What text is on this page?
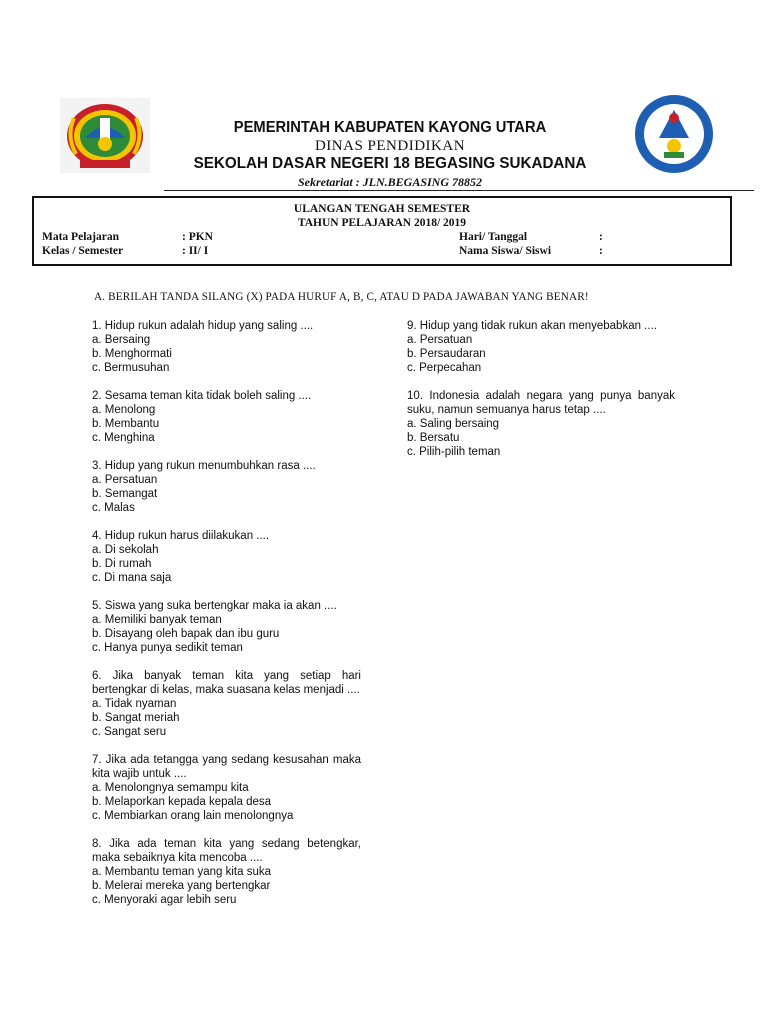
PEMERINTAH KABUPATEN KAYONG UTARA
DINAS PENDIDIKAN
SEKOLAH DASAR NEGERI 18 BEGASING SUKADANA
Sekretariat : JLN.BEGASING 78852
ULANGAN TENGAH SEMESTER
TAHUN PELAJARAN 2018/ 2019
Mata Pelajaran	: PKN
Kelas / Semester	: II/ I
Hari/ Tanggal	:
Nama Siswa/ Siswi	:
A. BERILAH TANDA SILANG (X) PADA HURUF A, B, C, ATAU D PADA JAWABAN YANG BENAR!
1. Hidup rukun adalah hidup yang saling ....
a. Bersaing
b. Menghormati
c. Bermusuhan
2. Sesama teman kita tidak boleh saling ....
a. Menolong
b. Membantu
c. Menghina
3. Hidup yang rukun menumbuhkan rasa ....
a. Persatuan
b. Semangat
c. Malas
4. Hidup rukun harus diilakukan ....
a. Di sekolah
b. Di rumah
c. Di mana saja
5. Siswa yang suka bertengkar maka ia akan ....
a. Memiliki banyak teman
b. Disayang oleh bapak dan ibu guru
c. Hanya punya sedikit teman
6. Jika banyak teman kita yang setiap hari bertengkar di kelas, maka suasana kelas menjadi ....
a. Tidak nyaman
b. Sangat meriah
c. Sangat seru
7. Jika ada tetangga yang sedang kesusahan maka kita wajib untuk ....
a. Menolongnya semampu kita
b. Melaporkan kepada kepala desa
c. Membiarkan orang lain menolongnya
8. Jika ada teman kita yang sedang betengkar, maka sebaiknya kita mencoba ....
a. Membantu teman yang kita suka
b. Melerai mereka yang bertengkar
c. Menyoraki agar lebih seru
9. Hidup yang tidak rukun akan menyebabkan ....
a. Persatuan
b. Persaudaran
c. Perpecahan
10. Indonesia adalah negara yang punya banyak suku, namun semuanya harus tetap ....
a. Saling bersaing
b. Bersatu
c. Pilih-pilih teman
